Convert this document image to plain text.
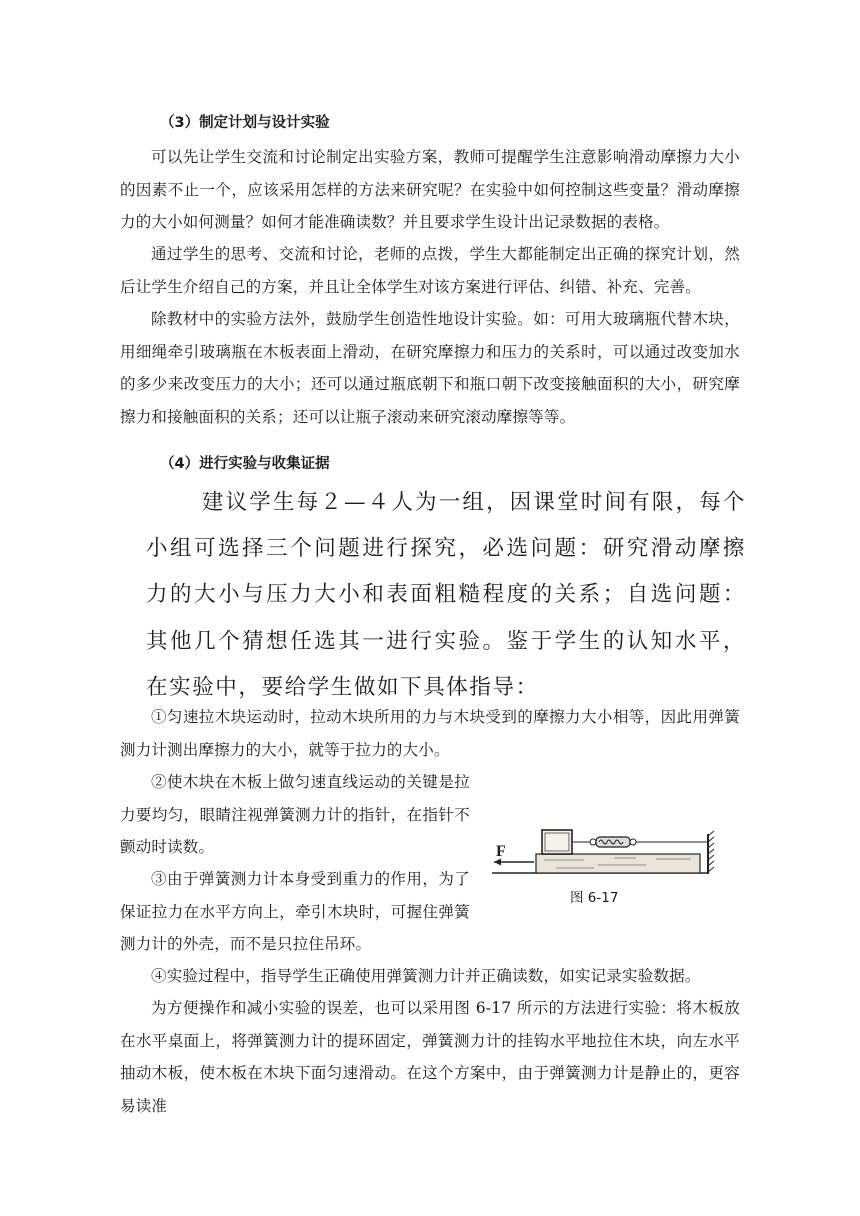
（3）制定计划与设计实验

可以先让学生交流和讨论制定出实验方案，教师可提醒学生注意影响滑动摩擦力大小的因素不止一个，应该采用怎样的方法来研究呢？在实验中如何控制这些变量？滑动摩擦力的大小如何测量？如何才能准确读数？并且要求学生设计出记录数据的表格。

通过学生的思考、交流和讨论，老师的点拨，学生大都能制定出正确的探究计划，然后让学生介绍自己的方案，并且让全体学生对该方案进行评估、纠错、补充、完善。

除教材中的实验方法外，鼓励学生创造性地设计实验。如：可用大玻璃瓶代替木块，用细绳牵引玻璃瓶在木板表面上滑动，在研究摩擦力和压力的关系时，可以通过改变加水的多少来改变压力的大小；还可以通过瓶底朝下和瓶口朝下改变接触面积的大小，研究摩擦力和接触面积的关系；还可以让瓶子滚动来研究滚动摩擦等等。

（4）进行实验与收集证据

建议学生每２—４人为一组，因课堂时间有限，每个小组可选择三个问题进行探究，必选问题：研究滑动摩擦力的大小与压力大小和表面粗糙程度的关系；自选问题：其他几个猜想任选其一进行实验。鉴于学生的认知水平，在实验中，要给学生做如下具体指导：

①匀速拉木块运动时，拉动木块所用的力与木块受到的摩擦力大小相等，因此用弹簧测力计测出摩擦力的大小，就等于拉力的大小。

②使木块在木板上做匀速直线运动的关键是拉力要均匀，眼睛注视弹簧测力计的指针，在指针不颤动时读数。

③由于弹簧测力计本身受到重力的作用，为了保证拉力在水平方向上，牵引木块时，可握住弹簧测力计的外壳，而不是只拉住吊环。

④实验过程中，指导学生正确使用弹簧测力计并正确读数，如实记录实验数据。

为方便操作和减小实验的误差，也可以采用图 6-17 所示的方法进行实验：将木板放在水平桌面上，将弹簧测力计的提环固定，弹簧测力计的挂钩水平地拉住木块，向左水平抽动木板，使木板在木块下面匀速滑动。在这个方案中，由于弹簧测力计是静止的，更容易读准

F
图 6-17
